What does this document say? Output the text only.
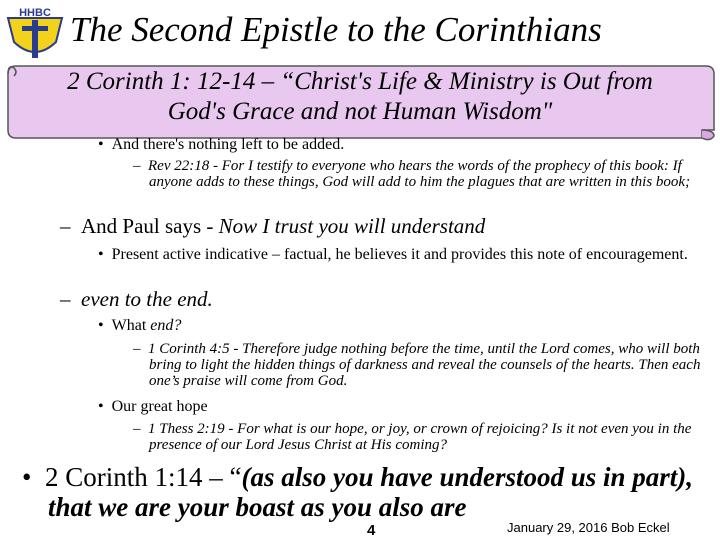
HHBC The Second Epistle to the Corinthians
2 Corinth 1: 12-14 – “Christ's Life & Ministry is Out from
God's Grace and not Human Wisdom"
• And there's nothing left to be added.
– Rev 22:18 - For I testify to everyone who hears the words of the prophecy of this book: If anyone adds to these things, God will add to him the plagues that are written in this book;
– And Paul says - Now I trust you will understand
• Present active indicative – factual, he believes it and provides this note of encouragement.
– even to the end.
• What end?
– 1 Corinth 4:5 - Therefore judge nothing before the time, until the Lord comes, who will both bring to light the hidden things of darkness and reveal the counsels of the hearts. Then each one’s praise will come from God.
• Our great hope
– 1 Thess 2:19 - For what is our hope, or joy, or crown of rejoicing? Is it not even you in the presence of our Lord Jesus Christ at His coming?
• 2 Corinth 1:14 – “(as also you have understood us in part), that we are your boast as you also are
4	January 29, 2016 Bob Eckel
